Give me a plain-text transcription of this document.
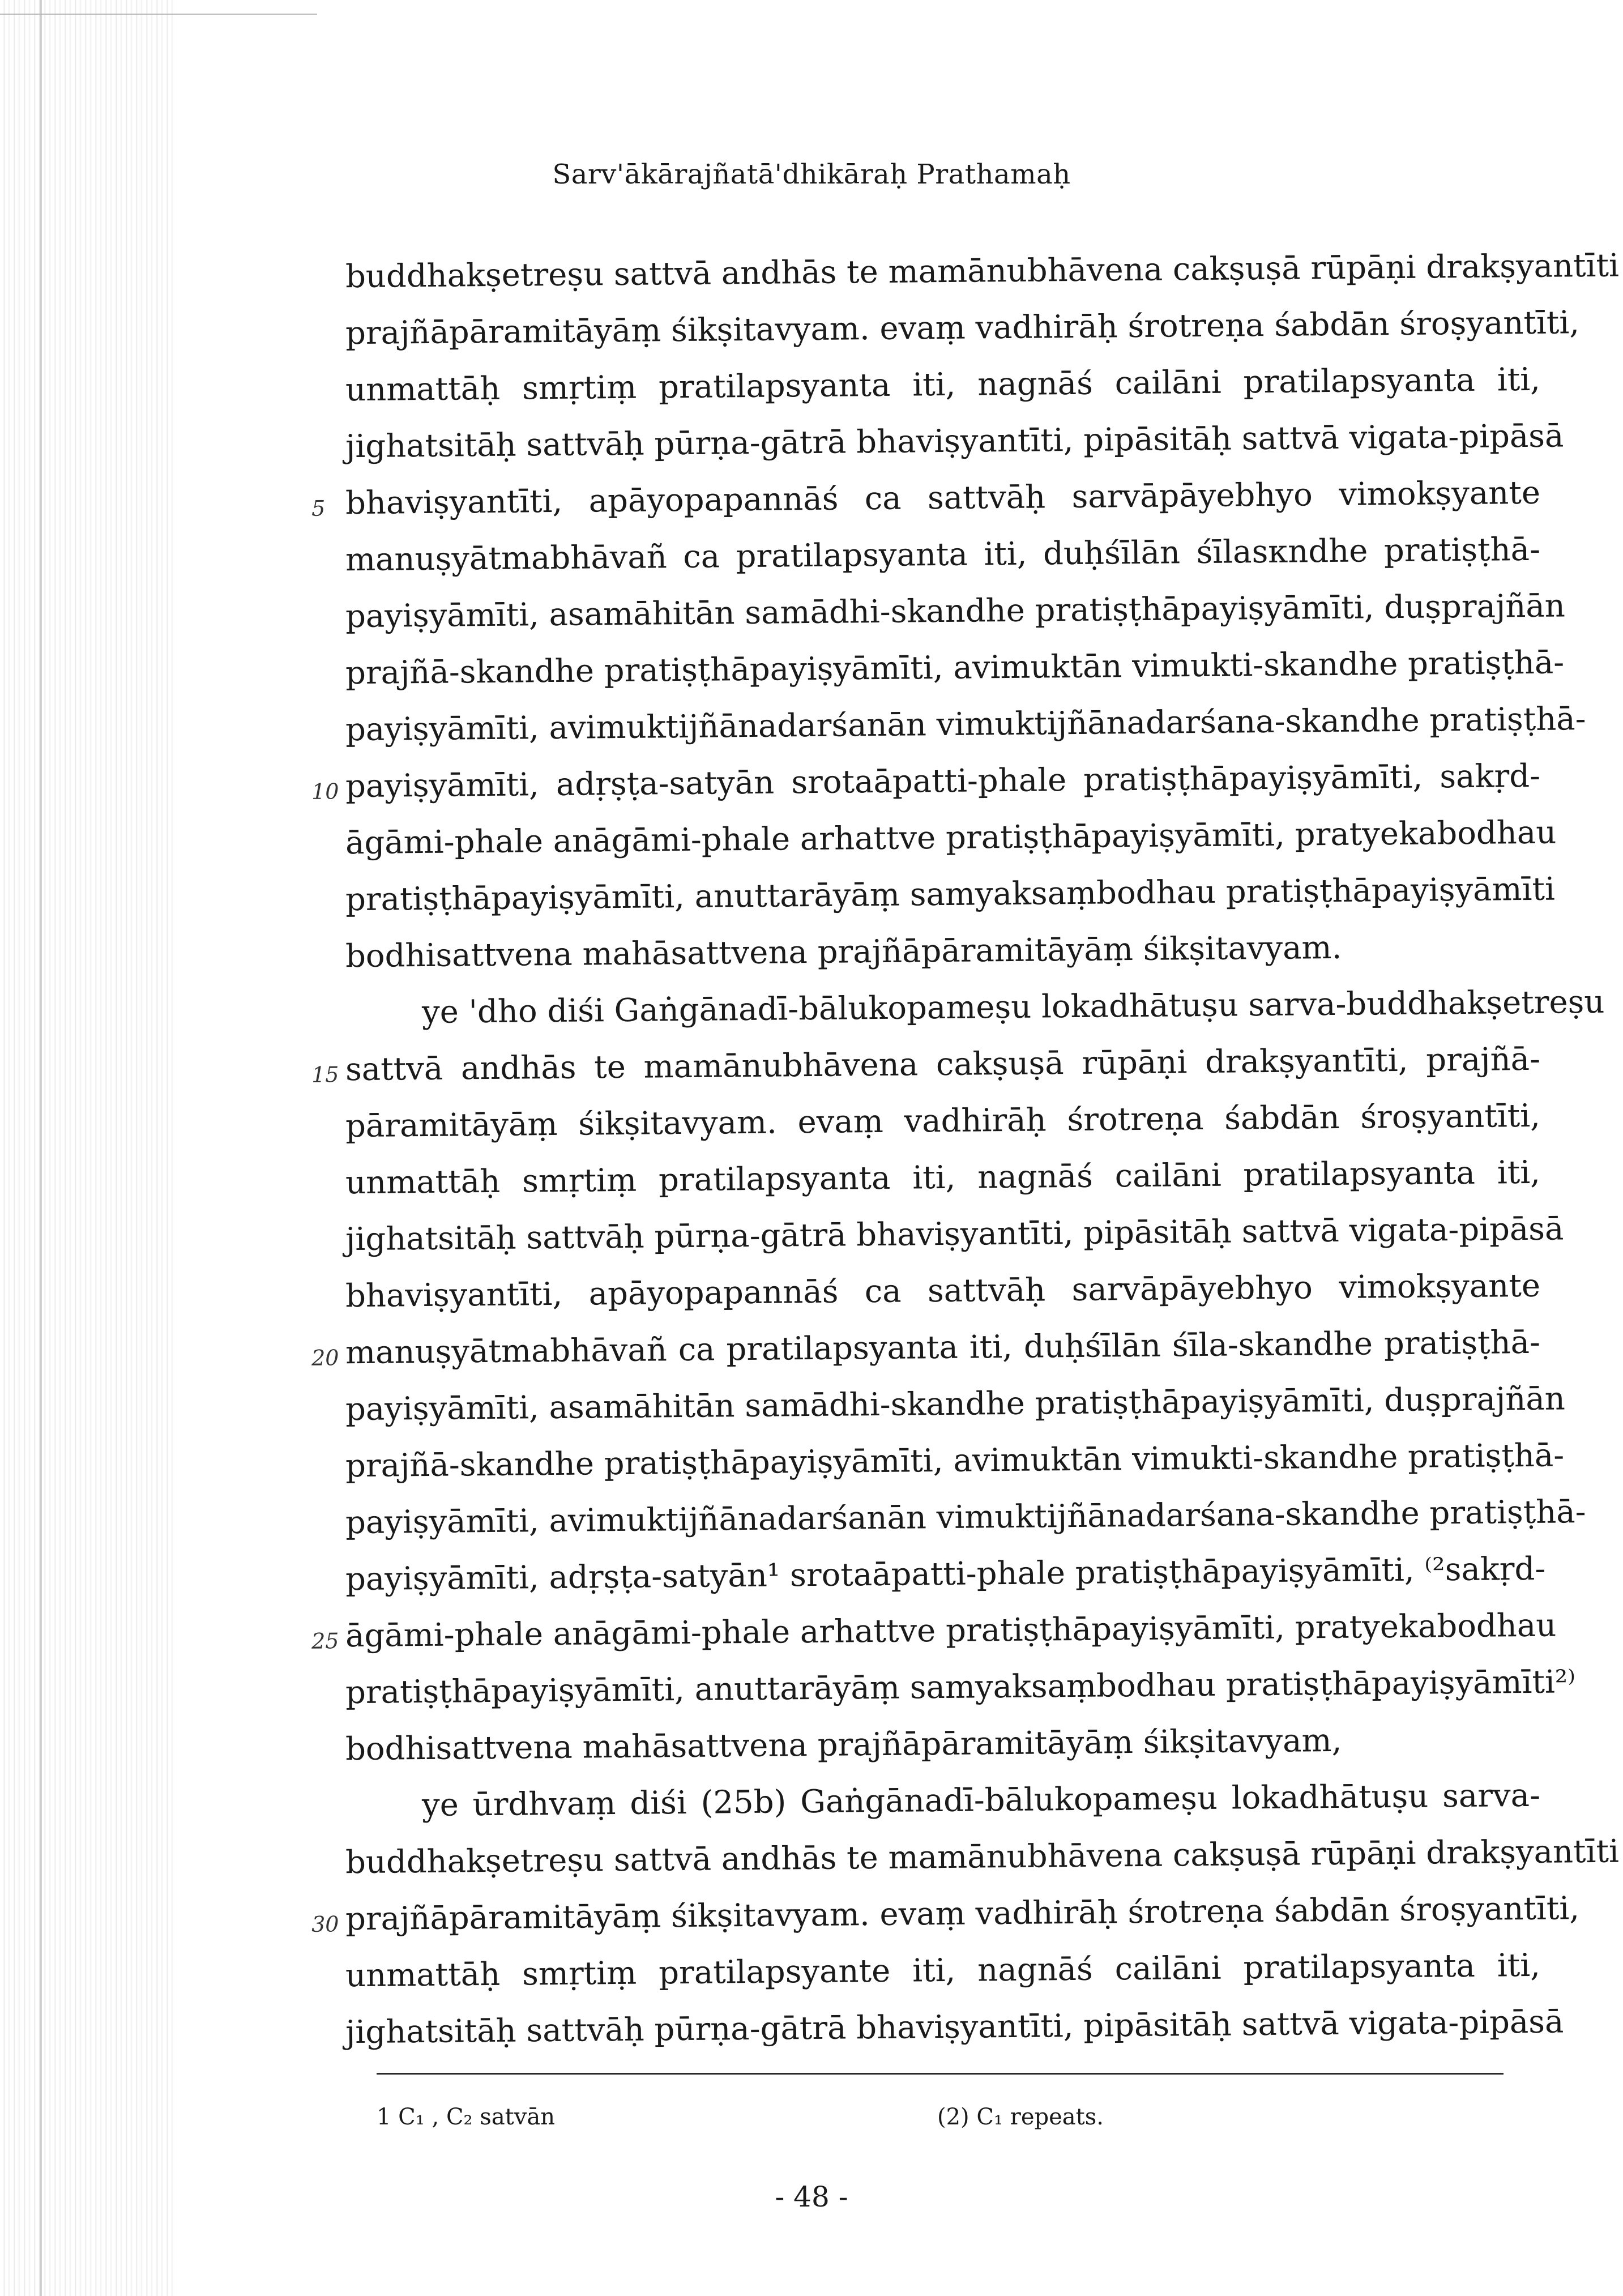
Sarv'ākārajñatā'dhikāraḥ Prathamaḥ
buddhakṣetreṣu sattvā andhās te mamānubhāvena cakṣuṣā rūpāṇi drakṣyantīti
prajñāpāramitāyāṃ śikṣitavyam. evaṃ vadhirāḥ śrotreṇa śabdān śroṣyantīti,
unmattāḥ smṛtiṃ pratilapsyanta iti, nagnāś cailāni pratilapsyanta iti,
jighatsitāḥ sattvāḥ pūrṇa-gātrā bhaviṣyantīti, pipāsitāḥ sattvā vigata-pipāsā
5 bhaviṣyantīti, apāyopapannāś ca sattvāḥ sarvāpāyebhyo vimokṣyante
manuṣyātmabhāvañ ca pratilapsyanta iti, duḥśīlān śīlasкndhe pratiṣṭhā-
payiṣyāmīti, asamāhitān samādhi-skandhe pratiṣṭhāpayiṣyāmīti, duṣprajñān
prajñā-skandhe pratiṣṭhāpayiṣyāmīti, avimuktān vimukti-skandhe pratiṣṭhā-
payiṣyāmīti, avimuktijñānadarśanān vimuktijñānadarśana-skandhe pratiṣṭhā-
10 payiṣyāmīti, adṛṣṭa-satyān srotaāpatti-phale pratiṣṭhāpayiṣyāmīti, sakṛd-
āgāmi-phale anāgāmi-phale arhattve pratiṣṭhāpayiṣyāmīti, pratyekabodhau
pratiṣṭhāpayiṣyāmīti, anuttarāyāṃ samyaksaṃbodhau pratiṣṭhāpayiṣyāmīti
bodhisattvena mahāsattvena prajñāpāramitāyāṃ śikṣitavyam.
ye 'dho diśi Gaṅgānadī-bālukopameṣu lokadhātuṣu sarva-buddhakṣetreṣu
15 sattvā andhās te mamānubhāvena cakṣuṣā rūpāṇi drakṣyantīti, prajñā-
pāramitāyāṃ śikṣitavyam. evaṃ vadhirāḥ śrotreṇa śabdān śroṣyantīti,
unmattāḥ smṛtiṃ pratilapsyanta iti, nagnāś cailāni pratilapsyanta iti,
jighatsitāḥ sattvāḥ pūrṇa-gātrā bhaviṣyantīti, pipāsitāḥ sattvā vigata-pipāsā
bhaviṣyantīti, apāyopapannāś ca sattvāḥ sarvāpāyebhyo vimokṣyante
20 manuṣyātmabhāvañ ca pratilapsyanta iti, duḥśīlān śīla-skandhe pratiṣṭhā-
payiṣyāmīti, asamāhitān samādhi-skandhe pratiṣṭhāpayiṣyāmīti, duṣprajñān
prajñā-skandhe pratiṣṭhāpayiṣyāmīti, avimuktān vimukti-skandhe pratiṣṭhā-
payiṣyāmīti, avimuktijñānadarśanān vimuktijñānadarśana-skandhe pratiṣṭhā-
payiṣyāmīti, adṛṣṭa-satyān¹ srotaāpatti-phale pratiṣṭhāpayiṣyāmīti, ⁽²sakṛd-
25 āgāmi-phale anāgāmi-phale arhattve pratiṣṭhāpayiṣyāmīti, pratyekabodhau
pratiṣṭhāpayiṣyāmīti, anuttarāyāṃ samyaksaṃbodhau pratiṣṭhāpayiṣyāmīti²⁾
bodhisattvena mahāsattvena prajñāpāramitāyāṃ śikṣitavyam,
ye ūrdhvaṃ diśi (25b) Gaṅgānadī-bālukopameṣu lokadhātuṣu sarva-
buddhakṣetreṣu sattvā andhās te mamānubhāvena cakṣuṣā rūpāṇi drakṣyantīti
30 prajñāpāramitāyāṃ śikṣitavyam. evaṃ vadhirāḥ śrotreṇa śabdān śroṣyantīti,
unmattāḥ smṛtiṃ pratilapsyante iti, nagnāś cailāni pratilapsyanta iti,
jighatsitāḥ sattvāḥ pūrṇa-gātrā bhaviṣyantīti, pipāsitāḥ sattvā vigata-pipāsā
1 C₁ , C₂ satvān	(2) C₁ repeats.
- 48 -
